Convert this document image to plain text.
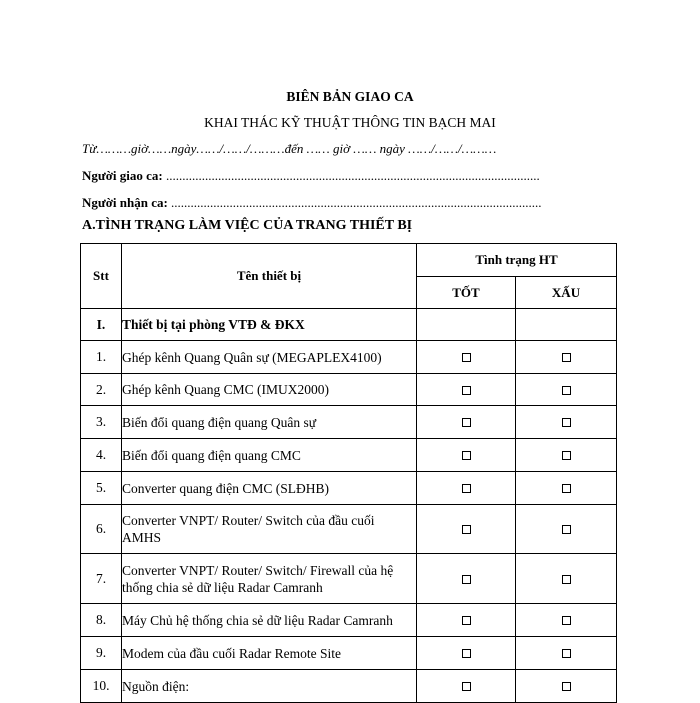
BIÊN BẢN GIAO CA
KHAI THÁC KỸ THUẬT THÔNG TIN BẠCH MAI
Từ………giờ……ngày……/……/………đến …… giờ …… ngày ……/……/………
Người giao ca: ...................................................................................................................
Người nhận ca: ..................................................................................................................
A.TÌNH TRẠNG LÀM VIỆC CỦA TRANG THIẾT BỊ
Stt	Tên thiết bị	Tình trạng HT	
		TỐT	XẤU
I.	Thiết bị tại phòng VTĐ & ĐKX		
1.	Ghép kênh Quang Quân sự (MEGAPLEX4100)		
2.	Ghép kênh Quang CMC (IMUX2000)		
3.	Biến đổi quang điện quang Quân sự		
4.	Biến đổi quang điện quang CMC		
5.	Converter quang điện CMC (SLĐHB)		
6.	Converter VNPT/ Router/ Switch của đầu cuối AMHS		
7.	Converter VNPT/ Router/ Switch/ Firewall của hệ thống chia sẻ dữ liệu Radar Camranh		
8.	Máy Chủ hệ thống chia sẻ dữ liệu Radar Camranh		
9.	Modem của đầu cuối Radar Remote Site		
10.	Nguồn điện:		
